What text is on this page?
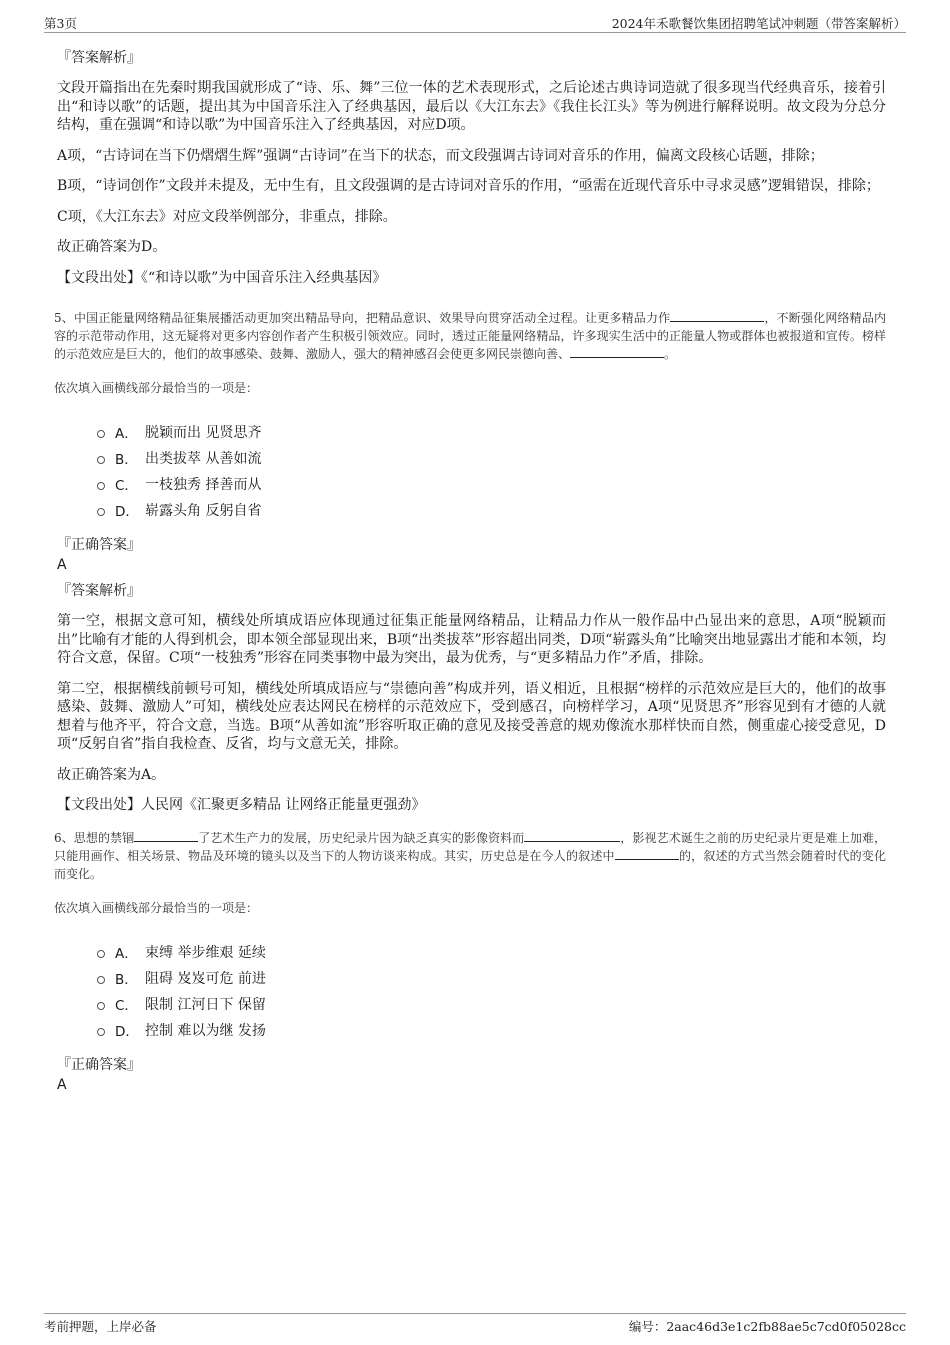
第3页	2024年禾歌餐饮集团招聘笔试冲刺题（带答案解析）
『答案解析』

文段开篇指出在先秦时期我国就形成了“诗、乐、舞”三位一体的艺术表现形式，之后论述古典诗词造就了很多现当代经典音乐，接着引出“和诗以歌”的话题，提出其为中国音乐注入了经典基因，最后以《大江东去》《我住长江头》等为例进行解释说明。故文段为分总分结构，重在强调“和诗以歌”为中国音乐注入了经典基因，对应D项。

A项，“古诗词在当下仍熠熠生辉”强调“古诗词”在当下的状态，而文段强调古诗词对音乐的作用，偏离文段核心话题，排除；

B项，“诗词创作”文段并未提及，无中生有，且文段强调的是古诗词对音乐的作用，“亟需在近现代音乐中寻求灵感”逻辑错误，排除；

C项，《大江东去》对应文段举例部分，非重点，排除。

故正确答案为D。

【文段出处】《“和诗以歌”为中国音乐注入经典基因》

5、中国正能量网络精品征集展播活动更加突出精品导向，把精品意识、效果导向贯穿活动全过程。让更多精品力作	，不断强化网络精品内容的示范带动作用，这无疑将对更多内容创作者产生积极引领效应。同时，透过正能量网络精品，许多现实生活中的正能量人物或群体也被报道和宣传。榜样的示范效应是巨大的，他们的故事感染、鼓舞、激励人，强大的精神感召会使更多网民崇德向善、	。

依次填入画横线部分最恰当的一项是：

A． 脱颖而出 见贤思齐
B． 出类拔萃 从善如流
C． 一枝独秀 择善而从
D． 崭露头角 反躬自省
『正确答案』
A
『答案解析』

第一空，根据文意可知，横线处所填成语应体现通过征集正能量网络精品，让精品力作从一般作品中凸显出来的意思，A项“脱颖而出”比喻有才能的人得到机会，即本领全部显现出来，B项“出类拔萃”形容超出同类，D项“崭露头角”比喻突出地显露出才能和本领，均符合文意，保留。C项“一枝独秀”形容在同类事物中最为突出，最为优秀，与“更多精品力作”矛盾，排除。

第二空，根据横线前顿号可知，横线处所填成语应与“崇德向善”构成并列，语义相近，且根据“榜样的示范效应是巨大的，他们的故事感染、鼓舞、激励人”可知，横线处应表达网民在榜样的示范效应下，受到感召，向榜样学习，A项“见贤思齐”形容见到有才德的人就想着与他齐平，符合文意，当选。B项“从善如流”形容听取正确的意见及接受善意的规劝像流水那样快而自然，侧重虚心接受意见，D项“反躬自省”指自我检查、反省，均与文意无关，排除。

故正确答案为A。

【文段出处】人民网《汇聚更多精品 让网络正能量更强劲》

6、思想的禁锢	了艺术生产力的发展，历史纪录片因为缺乏真实的影像资料而	，影视艺术诞生之前的历史纪录片更是难上加难，只能用画作、相关场景、物品及环境的镜头以及当下的人物访谈来构成。其实，历史总是在今人的叙述中	的，叙述的方式当然会随着时代的变化而变化。

依次填入画横线部分最恰当的一项是：

A． 束缚 举步维艰 延续
B． 阻碍 岌岌可危 前进
C． 限制 江河日下 保留
D． 控制 难以为继 发扬
『正确答案』
A
考前押题，上岸必备	编号：2aac46d3e1c2fb88ae5c7cd0f05028cc
